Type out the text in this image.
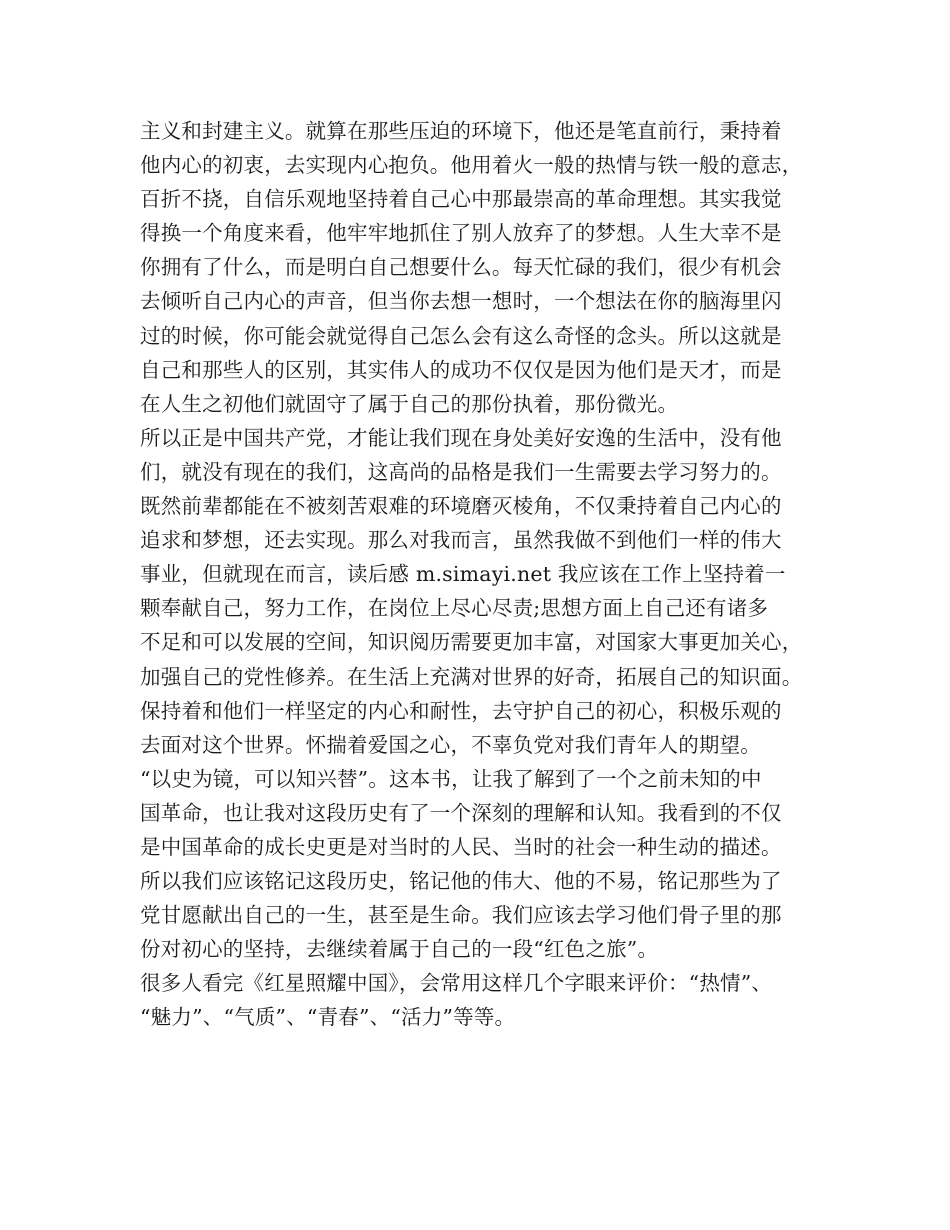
主义和封建主义。就算在那些压迫的环境下，他还是笔直前行，秉持着
他内心的初衷，去实现内心抱负。他用着火一般的热情与铁一般的意志，
百折不挠，自信乐观地坚持着自己心中那最崇高的革命理想。其实我觉
得换一个角度来看，他牢牢地抓住了别人放弃了的梦想。人生大幸不是
你拥有了什么，而是明白自己想要什么。每天忙碌的我们，很少有机会
去倾听自己内心的声音，但当你去想一想时，一个想法在你的脑海里闪
过的时候，你可能会就觉得自己怎么会有这么奇怪的念头。所以这就是
自己和那些人的区别，其实伟人的成功不仅仅是因为他们是天才，而是
在人生之初他们就固守了属于自己的那份执着，那份微光。
所以正是中国共产党，才能让我们现在身处美好安逸的生活中，没有他
们，就没有现在的我们，这高尚的品格是我们一生需要去学习努力的。
既然前辈都能在不被刻苦艰难的环境磨灭棱角，不仅秉持着自己内心的
追求和梦想，还去实现。那么对我而言，虽然我做不到他们一样的伟大
事业，但就现在而言，读后感 m.simayi.net 我应该在工作上坚持着一
颗奉献自己，努力工作，在岗位上尽心尽责;思想方面上自己还有诸多
不足和可以发展的空间，知识阅历需要更加丰富，对国家大事更加关心，
加强自己的党性修养。在生活上充满对世界的好奇，拓展自己的知识面。
保持着和他们一样坚定的内心和耐性，去守护自己的初心，积极乐观的
去面对这个世界。怀揣着爱国之心，不辜负党对我们青年人的期望。
“以史为镜，可以知兴替”。这本书，让我了解到了一个之前未知的中
国革命，也让我对这段历史有了一个深刻的理解和认知。我看到的不仅
是中国革命的成长史更是对当时的人民、当时的社会一种生动的描述。
所以我们应该铭记这段历史，铭记他的伟大、他的不易，铭记那些为了
党甘愿献出自己的一生，甚至是生命。我们应该去学习他们骨子里的那
份对初心的坚持，去继续着属于自己的一段“红色之旅”。
很多人看完《红星照耀中国》，会常用这样几个字眼来评价：“热情”、
“魅力”、“气质”、“青春”、“活力”等等。
